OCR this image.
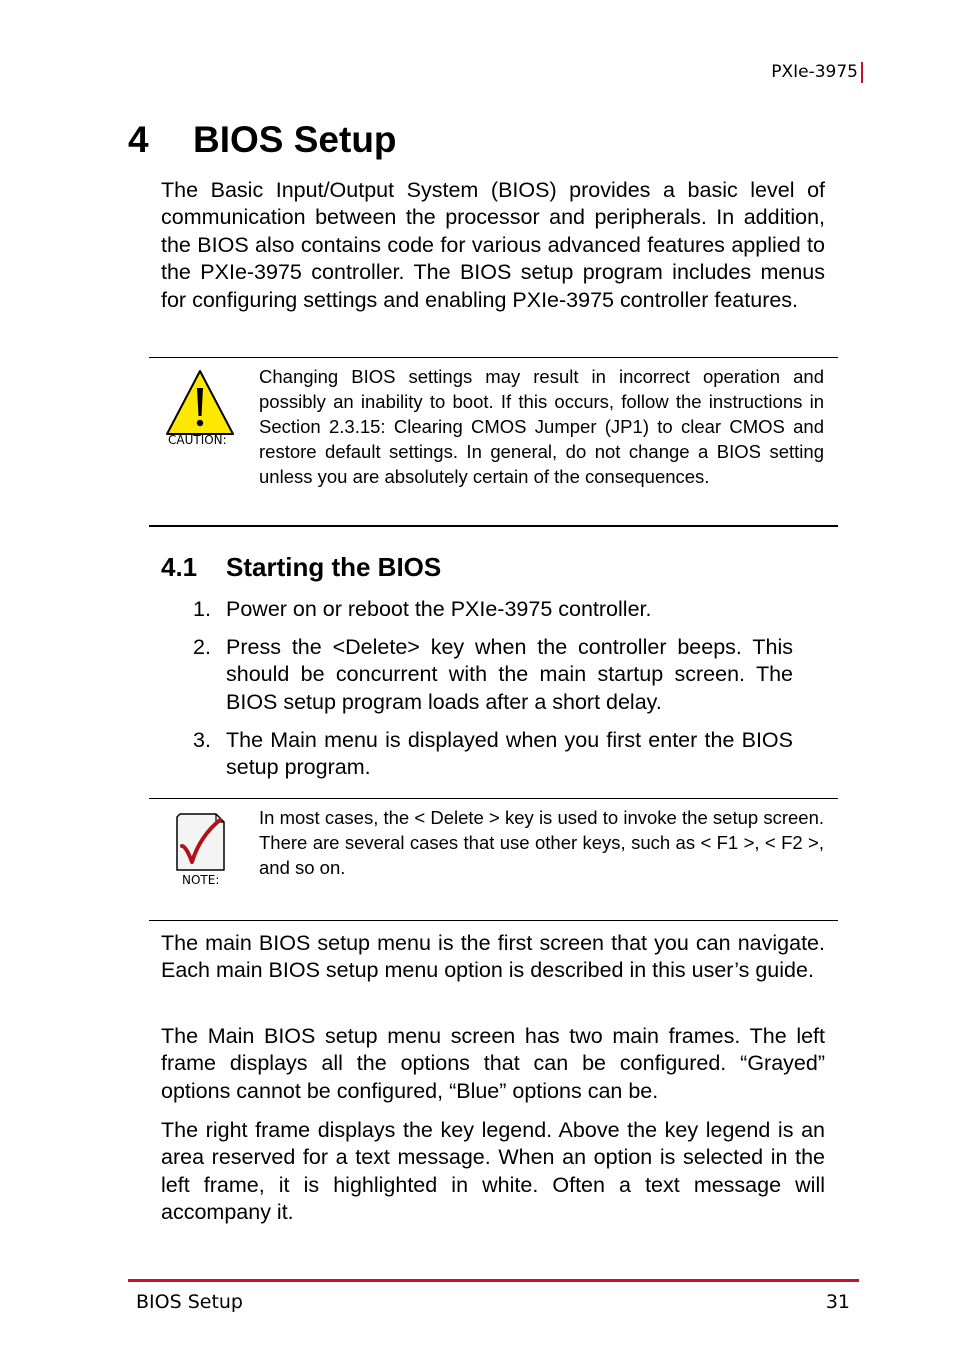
PXIe-3975
4 BIOS Setup

The Basic Input/Output System (BIOS) provides a basic level of communication between the processor and peripherals. In addition, the BIOS also contains code for various advanced features applied to the PXIe-3975 controller. The BIOS setup program includes menus for configuring settings and enabling PXIe-3975 controller features.

CAUTION:

Changing BIOS settings may result in incorrect operation and possibly an inability to boot. If this occurs, follow the instructions in Section 2.3.15: Clearing CMOS Jumper (JP1) to clear CMOS and restore default settings. In general, do not change a BIOS setting unless you are absolutely certain of the consequences.

4.1 Starting the BIOS
1. Power on or reboot the PXIe-3975 controller.
2. Press the <Delete> key when the controller beeps. This should be concurrent with the main startup screen. The BIOS setup program loads after a short delay.
3. The Main menu is displayed when you first enter the BIOS setup program.
NOTE:

In most cases, the < Delete > key is used to invoke the setup screen. There are several cases that use other keys, such as < F1 >, < F2 >, and so on.

The main BIOS setup menu is the first screen that you can navigate. Each main BIOS setup menu option is described in this user’s guide.

The Main BIOS setup menu screen has two main frames. The left frame displays all the options that can be configured. “Grayed” options cannot be configured, “Blue” options can be.

The right frame displays the key legend. Above the key legend is an area reserved for a text message. When an option is selected in the left frame, it is highlighted in white. Often a text message will accompany it.

BIOS Setup	31
